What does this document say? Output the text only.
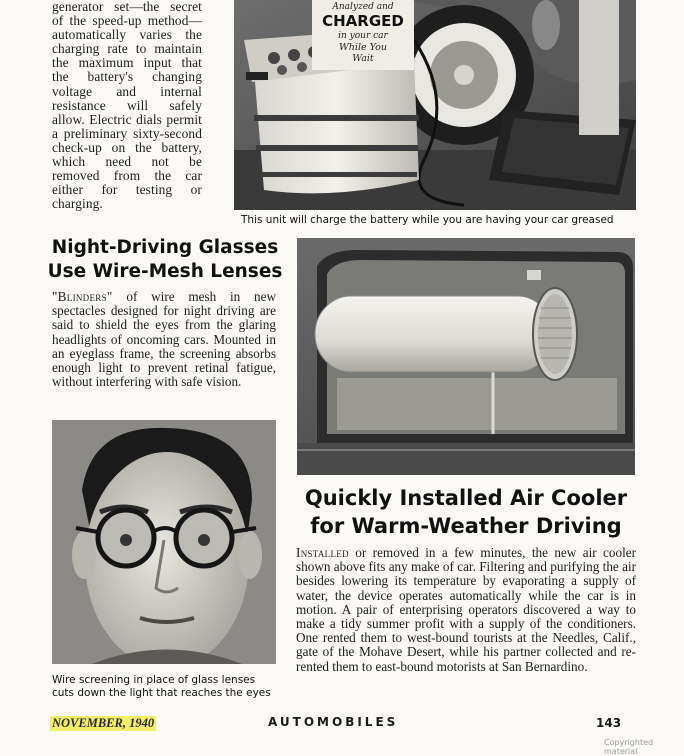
generator set—the secret of the speed-up method—automatically varies the charging rate to maintain the maximum input that the battery's changing voltage and internal resistance will safely allow. Electric dials permit a preliminary sixty-second check-up on the battery, which need not be removed from the car either for testing or charging.

Analyzed and
CHARGED
in your car
While You
Wait

This unit will charge the battery while you are having your car greased

Night-Driving Glasses

Use Wire-Mesh Lenses

"Blinders" of wire mesh in new spectacles designed for night driving are said to shield the eyes from the glaring headlights of oncoming cars. Mounted in an eyeglass frame, the screening absorbs enough light to prevent retinal fatigue, without interfering with safe vision.

Wire screening in place of glass lenses

cuts down the light that reaches the eyes

Quickly Installed Air Cooler

for Warm-Weather Driving

Installed or removed in a few minutes, the new air cooler shown above fits any make of car. Filtering and purifying the air besides lowering its temperature by evaporating a supply of water, the device operates automatically while the car is in motion. A pair of enterprising operators discovered a way to make a tidy summer profit with a supply of the conditioners. One rented them to west-bound tourists at the Needles, Calif., gate of the Mohave Desert, while his partner collected and re-rented them to east-bound motorists at San Bernardino.

NOVEMBER, 1940	AUTOMOBILES	143
Copyrighted material
